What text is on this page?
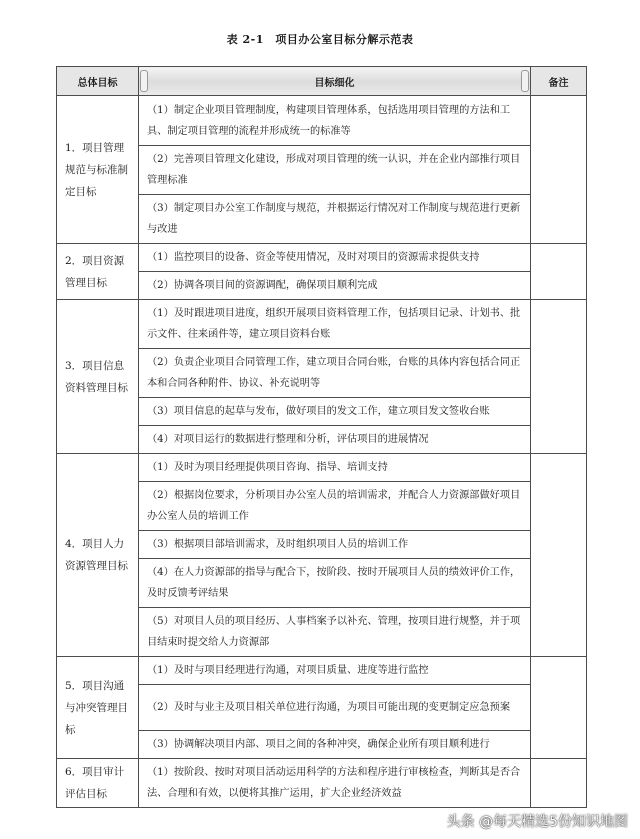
表 2-1　项目办公室目标分解示范表
总体目标	目标细化	备注
1．项目管理规范与标准制定目标	（1）制定企业项目管理制度，构建项目管理体系，包括选用项目管理的方法和工具、制定项目管理的流程并形成统一的标准等	
	（2）完善项目管理文化建设，形成对项目管理的统一认识，并在企业内部推行项目管理标准	
	（3）制定项目办公室工作制度与规范，并根据运行情况对工作制度与规范进行更新与改进	
2．项目资源管理目标	（1）监控项目的设备、资金等使用情况，及时对项目的资源需求提供支持	
	（2）协调各项目间的资源调配，确保项目顺利完成	
3．项目信息资料管理目标	（1）及时跟进项目进度，组织开展项目资料管理工作，包括项目记录、计划书、批示文件、往来函件等，建立项目资料台账	
	（2）负责企业项目合同管理工作，建立项目合同台账，台账的具体内容包括合同正本和合同各种附件、协议、补充说明等	
	（3）项目信息的起草与发布，做好项目的发文工作，建立项目发文签收台账	
	（4）对项目运行的数据进行整理和分析，评估项目的进展情况	
4．项目人力资源管理目标	（1）及时为项目经理提供项目咨询、指导、培训支持	
	（2）根据岗位要求，分析项目办公室人员的培训需求，并配合人力资源部做好项目办公室人员的培训工作	
	（3）根据项目部培训需求，及时组织项目人员的培训工作	
	（4）在人力资源部的指导与配合下，按阶段、按时开展项目人员的绩效评价工作，及时反馈考评结果	
	（5）对项目人员的项目经历、人事档案予以补充、管理，按项目进行规整，并于项目结束时提交给人力资源部	
5．项目沟通与冲突管理目标	（1）及时与项目经理进行沟通，对项目质量、进度等进行监控	
	（2）及时与业主及项目相关单位进行沟通，为项目可能出现的变更制定应急预案	
	（3）协调解决项目内部、项目之间的各种冲突，确保企业所有项目顺利进行	
6．项目审计评估目标	（1）按阶段、按时对项目活动运用科学的方法和程序进行审核检查，判断其是否合法、合理和有效，以便将其推广运用，扩大企业经济效益	
头条 @每天精选5份知识地图
